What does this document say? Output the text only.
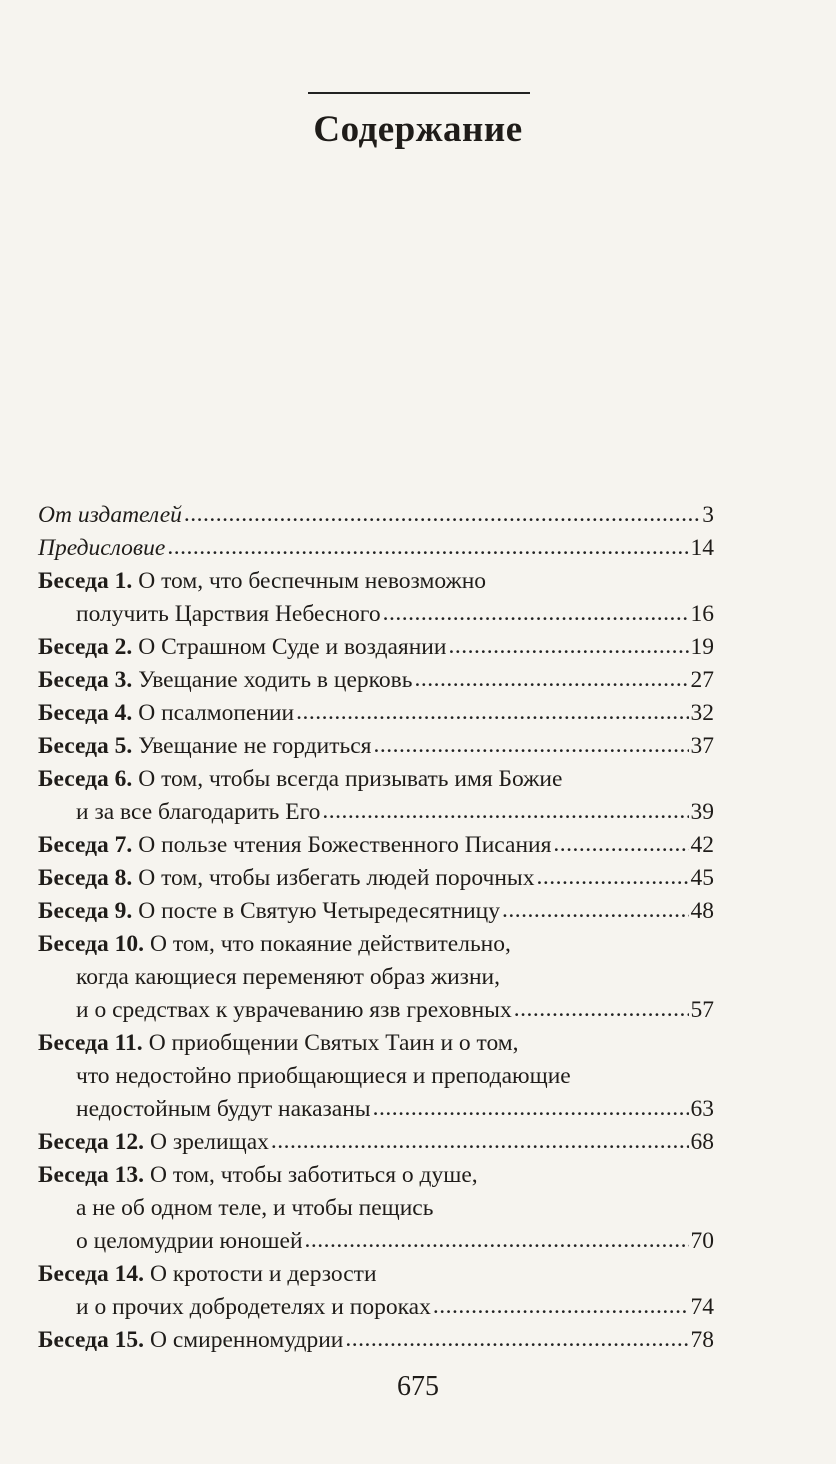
Содержание
От издателей .....	3
Предисловие .....	14
Беседа 1. О том, что беспечным невозможно
получить Царствия Небесного .....	16
Беседа 2. О Страшном Суде и воздаянии .....	19
Беседа 3. Увещание ходить в церковь .....	27
Беседа 4. О псалмопении .....	32
Беседа 5. Увещание не гордиться .....	37
Беседа 6. О том, чтобы всегда призывать имя Божие
и за все благодарить Его .....	39
Беседа 7. О пользе чтения Божественного Писания .....	42
Беседа 8. О том, чтобы избегать людей порочных .....	45
Беседа 9. О посте в Святую Четыредесятницу .....	48
Беседа 10. О том, что покаяние действительно,
когда кающиеся переменяют образ жизни,
и о средствах к уврачеванию язв греховных .....	57
Беседа 11. О приобщении Святых Таин и о том,
что недостойно приобщающиеся и преподающие
недостойным будут наказаны .....	63
Беседа 12. О зрелищах .....	68
Беседа 13. О том, чтобы заботиться о душе,
а не об одном теле, и чтобы пещись
о целомудрии юношей .....	70
Беседа 14. О кротости и дерзости
и о прочих добродетелях и пороках .....	74
Беседа 15. О смиренномудрии .....	78
675
